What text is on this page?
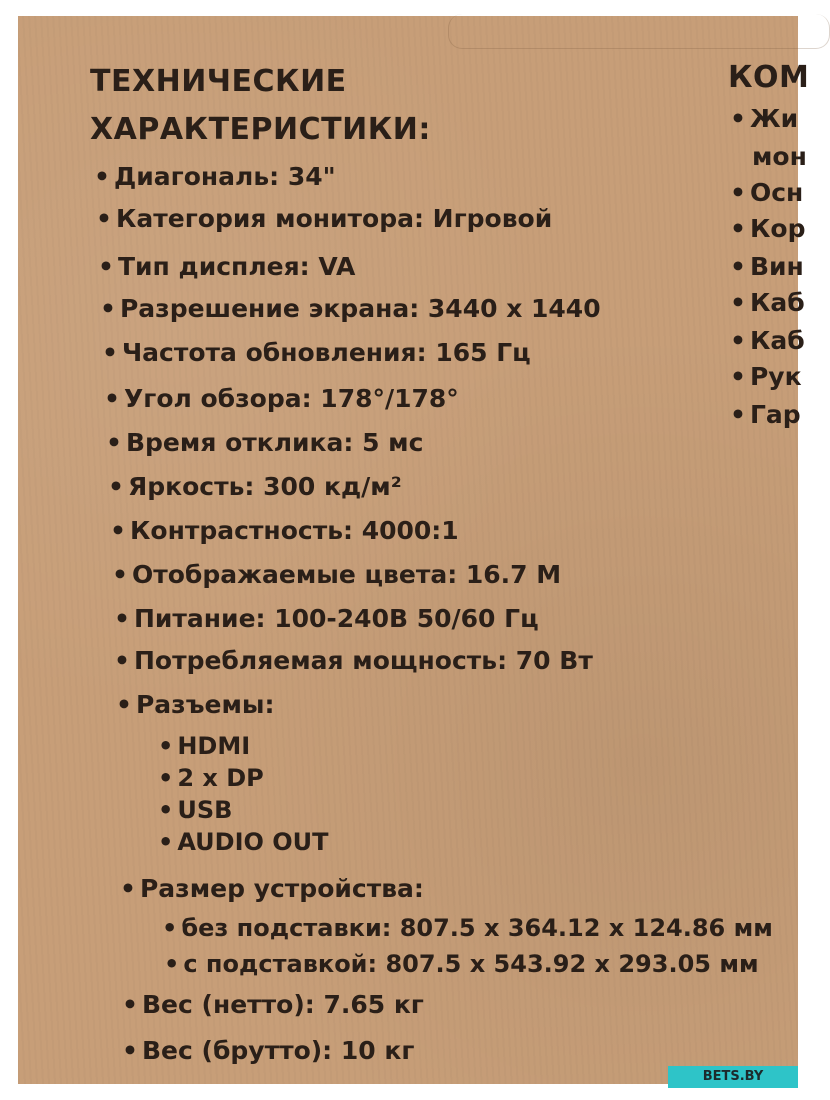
ТЕХНИЧЕСКИЕ
ХАРАКТЕРИСТИКИ:
• Диагональ: 34"
• Категория монитора: Игровой
• Тип дисплея: VA
• Разрешение экрана: 3440 x 1440
• Частота обновления: 165 Гц
• Угол обзора: 178°/178°
• Время отклика: 5 мс
• Яркость: 300 кд/м²
• Контрастность: 4000:1
• Отображаемые цвета: 16.7 M
• Питание: 100-240В 50/60 Гц
• Потребляемая мощность: 70 Вт
• Разъемы:
• HDMI
• 2 x DP
• USB
• AUDIO OUT
• Размер устройства:
• без подставки: 807.5 x 364.12 x 124.86 мм
• с подставкой: 807.5 x 543.92 x 293.05 мм
• Вес (нетто): 7.65 кг
• Вес (брутто): 10 кг
КОМ
• Жи
мон
• Осн
• Кор
• Вин
• Каб
• Каб
• Рук
• Гар
BETS.BY
